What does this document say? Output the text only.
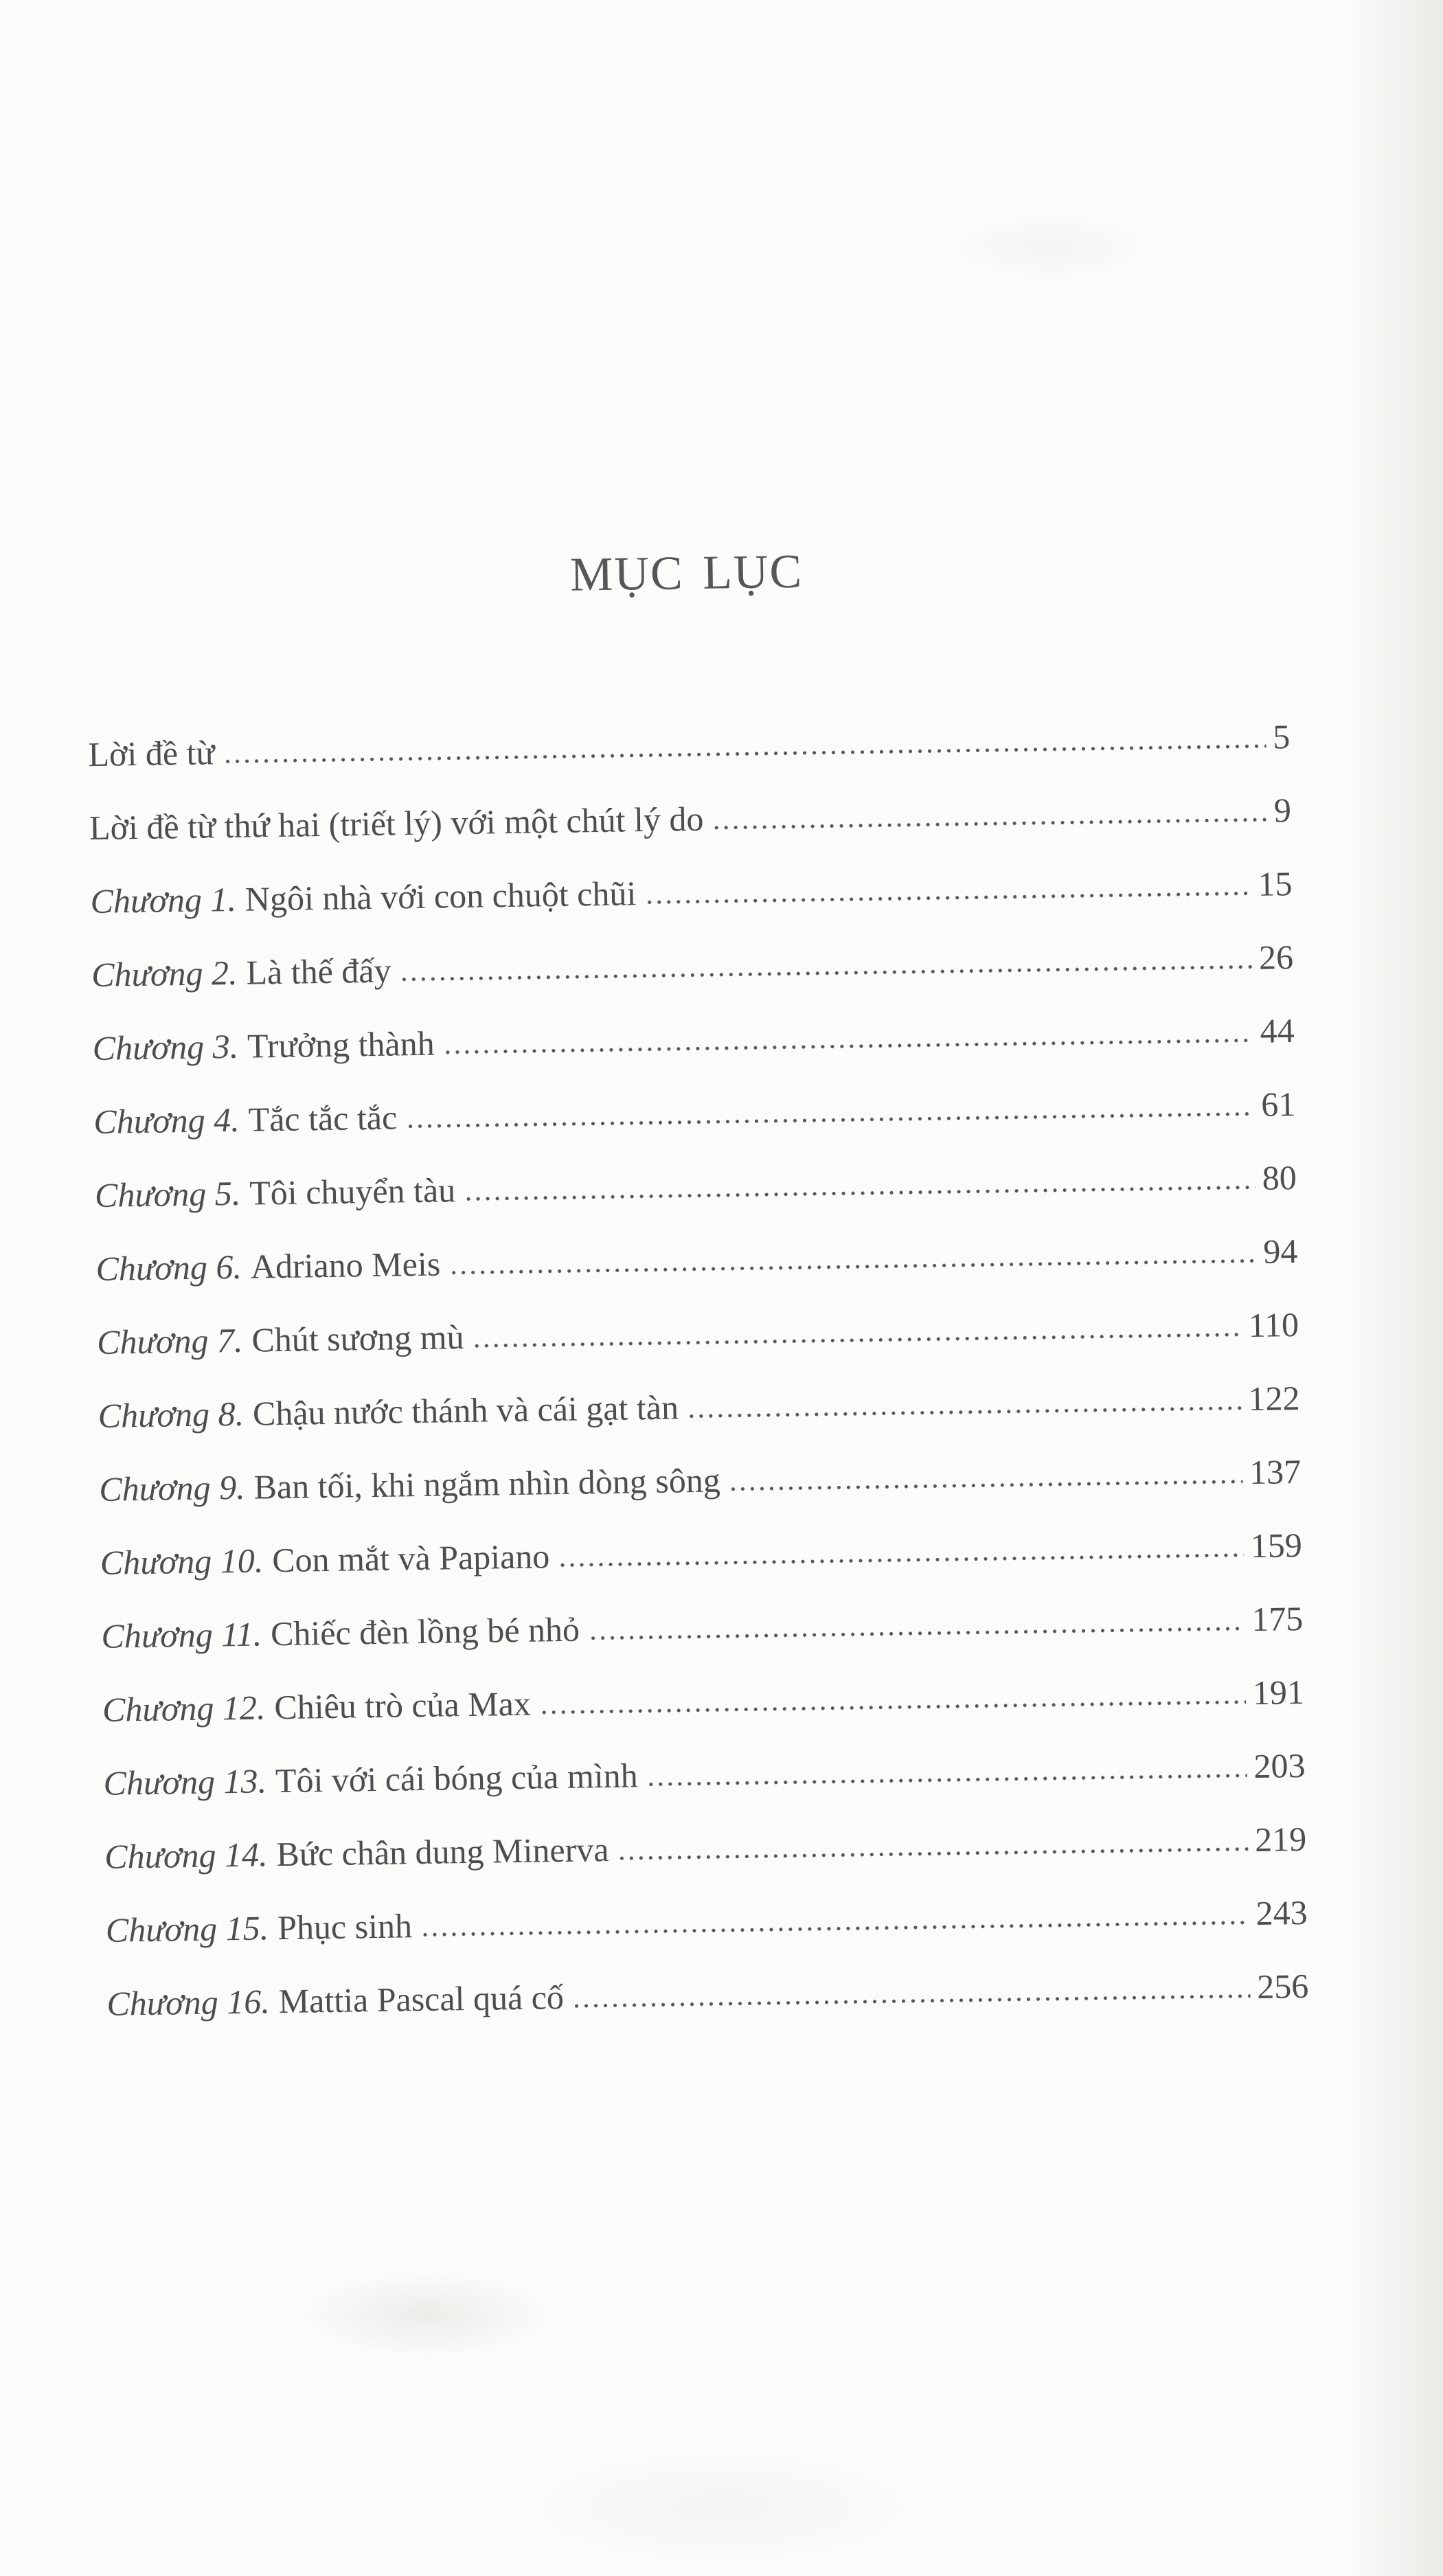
MỤC LỤC
Lời đề từ	5
Lời đề từ thứ hai (triết lý) với một chút lý do	9
Chương 1. Ngôi nhà với con chuột chũi	15
Chương 2. Là thế đấy	26
Chương 3. Trưởng thành	44
Chương 4. Tắc tắc tắc	61
Chương 5. Tôi chuyển tàu	80
Chương 6. Adriano Meis	94
Chương 7. Chút sương mù	110
Chương 8. Chậu nước thánh và cái gạt tàn	122
Chương 9. Ban tối, khi ngắm nhìn dòng sông	137
Chương 10. Con mắt và Papiano	159
Chương 11. Chiếc đèn lồng bé nhỏ	175
Chương 12. Chiêu trò của Max	191
Chương 13. Tôi với cái bóng của mình	203
Chương 14. Bức chân dung Minerva	219
Chương 15. Phục sinh	243
Chương 16. Mattia Pascal quá cố	256
